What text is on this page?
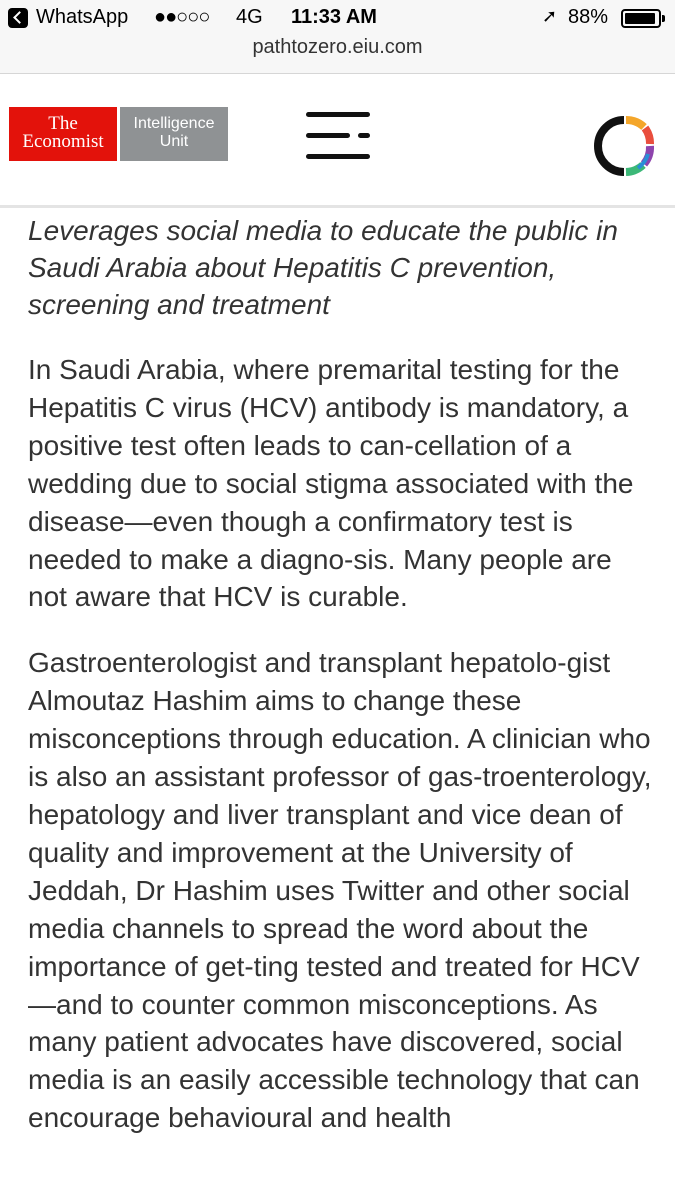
WhatsApp ●●○○○ 4G 11:33 AM	➚ 88%
pathtozero.eiu.com
The
Economist
Intelligence
Unit

Leverages social media to educate the public in Saudi Arabia about Hepatitis C prevention, screening and treatment

In Saudi Arabia, where premarital testing for the Hepatitis C virus (HCV) antibody is mandatory, a positive test often leads to can-cellation of a wedding due to social stigma associated with the disease—even though a confirmatory test is needed to make a diagno-sis. Many people are not aware that HCV is curable.

Gastroenterologist and transplant hepatolo-gist Almoutaz Hashim aims to change these misconceptions through education. A clinician who is also an assistant professor of gas-troenterology, hepatology and liver transplant and vice dean of quality and improvement at the University of Jeddah, Dr Hashim uses Twitter and other social media channels to spread the word about the importance of get-ting tested and treated for HCV—and to counter common misconceptions. As many patient advocates have discovered, social media is an easily accessible technology that can encourage behavioural and health
